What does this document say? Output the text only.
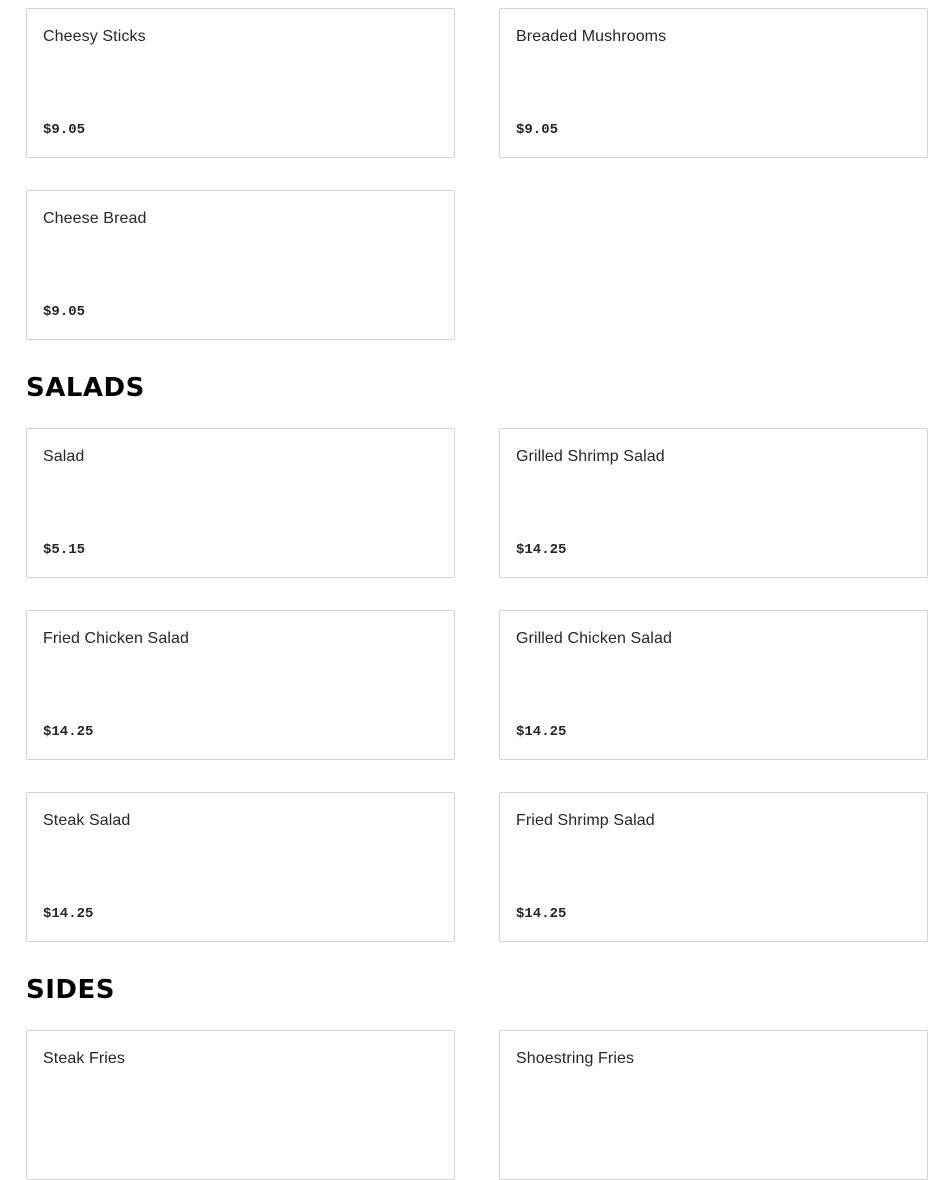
Cheesy Sticks
$9.05
Breaded Mushrooms
$9.05
Cheese Bread
$9.05
SALADS
Salad
$5.15
Grilled Shrimp Salad
$14.25
Fried Chicken Salad
$14.25
Grilled Chicken Salad
$14.25
Steak Salad
$14.25
Fried Shrimp Salad
$14.25
SIDES
Steak Fries	Shoestring Fries
